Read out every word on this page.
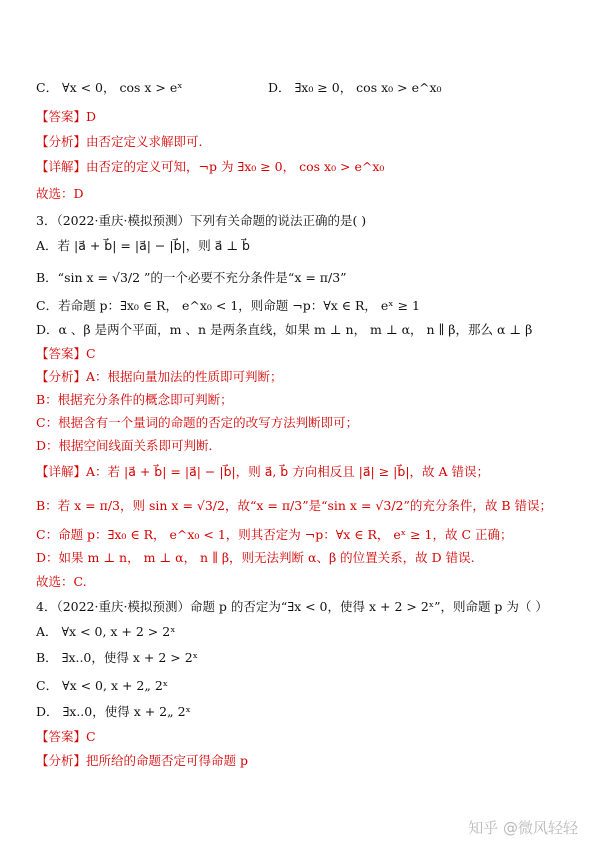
C． ∀x < 0， cos x > eˣ	D． ∃x₀ ≥ 0， cos x₀ > e^x₀
【答案】D
【分析】由否定定义求解即可.
【详解】由否定的定义可知，¬p 为 ∃x₀ ≥ 0， cos x₀ > e^x₀
故选：D
3．（2022·重庆·模拟预测）下列有关命题的说法正确的是( )
A．若 |a⃗ + b⃗| = |a⃗| − |b⃗|，则 a⃗ ⊥ b⃗
B．“sin x = √3/2 ”的一个必要不充分条件是“x = π/3”
C．若命题 p：∃x₀ ∈ R， e^x₀ < 1，则命题 ¬p：∀x ∈ R， eˣ ≥ 1
D．α 、β 是两个平面，m 、n 是两条直线，如果 m ⊥ n， m ⊥ α， n ∥ β，那么 α ⊥ β
【答案】C
【分析】A：根据向量加法的性质即可判断；
B：根据充分条件的概念即可判断；
C：根据含有一个量词的命题的否定的改写方法判断即可；
D：根据空间线面关系即可判断.
【详解】A：若 |a⃗ + b⃗| = |a⃗| − |b⃗|，则 a⃗, b⃗ 方向相反且 |a⃗| ≥ |b⃗|，故 A 错误；
B：若 x = π/3，则 sin x = √3/2，故“x = π/3”是“sin x = √3/2”的充分条件，故 B 错误；
C：命题 p：∃x₀ ∈ R， e^x₀ < 1，则其否定为 ¬p：∀x ∈ R， eˣ ≥ 1，故 C 正确；
D：如果 m ⊥ n， m ⊥ α， n ∥ β，则无法判断 α、β 的位置关系，故 D 错误.
故选：C.
4．（2022·重庆·模拟预测）命题 p 的否定为“∃x < 0，使得 x + 2 > 2ˣ”，则命题 p 为（ ）
A． ∀x < 0, x + 2 > 2ˣ
B． ∃x..0，使得 x + 2 > 2ˣ
C． ∀x < 0, x + 2„ 2ˣ
D． ∃x..0，使得 x + 2„ 2ˣ
【答案】C
【分析】把所给的命题否定可得命题 p
知乎 @微风轻轻
